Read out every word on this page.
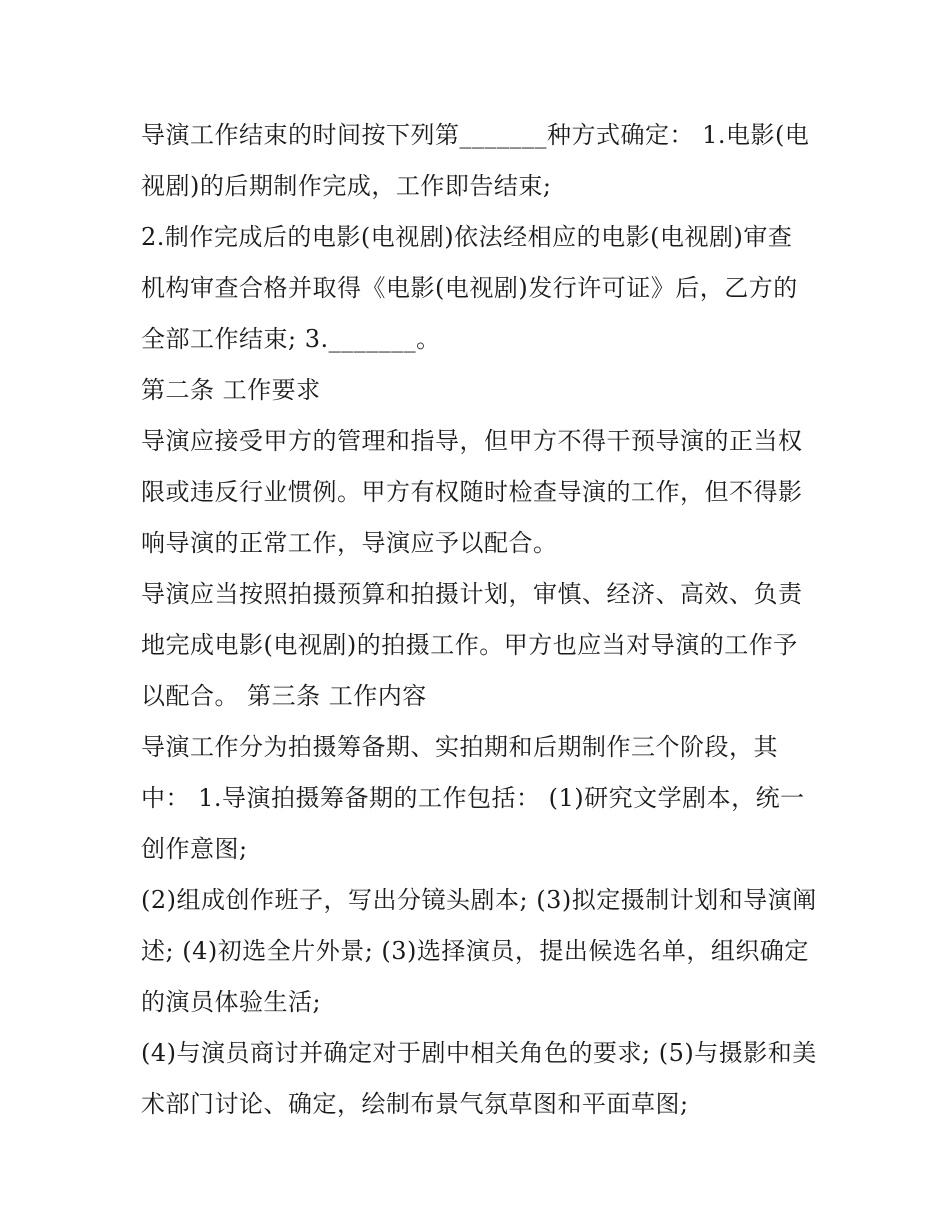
导演工作结束的时间按下列第_______种方式确定： 1.电影(电
视剧)的后期制作完成，工作即告结束;
2.制作完成后的电影(电视剧)依法经相应的电影(电视剧)审查
机构审查合格并取得《电影(电视剧)发行许可证》后，乙方的
全部工作结束; 3._______。
第二条 工作要求
导演应接受甲方的管理和指导，但甲方不得干预导演的正当权
限或违反行业惯例。甲方有权随时检查导演的工作，但不得影
响导演的正常工作，导演应予以配合。
导演应当按照拍摄预算和拍摄计划，审慎、经济、高效、负责
地完成电影(电视剧)的拍摄工作。甲方也应当对导演的工作予
以配合。 第三条 工作内容
导演工作分为拍摄筹备期、实拍期和后期制作三个阶段，其
中： 1.导演拍摄筹备期的工作包括： (1)研究文学剧本，统一
创作意图;
(2)组成创作班子，写出分镜头剧本; (3)拟定摄制计划和导演阐
述; (4)初选全片外景; (3)选择演员，提出候选名单，组织确定
的演员体验生活;
(4)与演员商讨并确定对于剧中相关角色的要求; (5)与摄影和美
术部门讨论、确定，绘制布景气氛草图和平面草图;
